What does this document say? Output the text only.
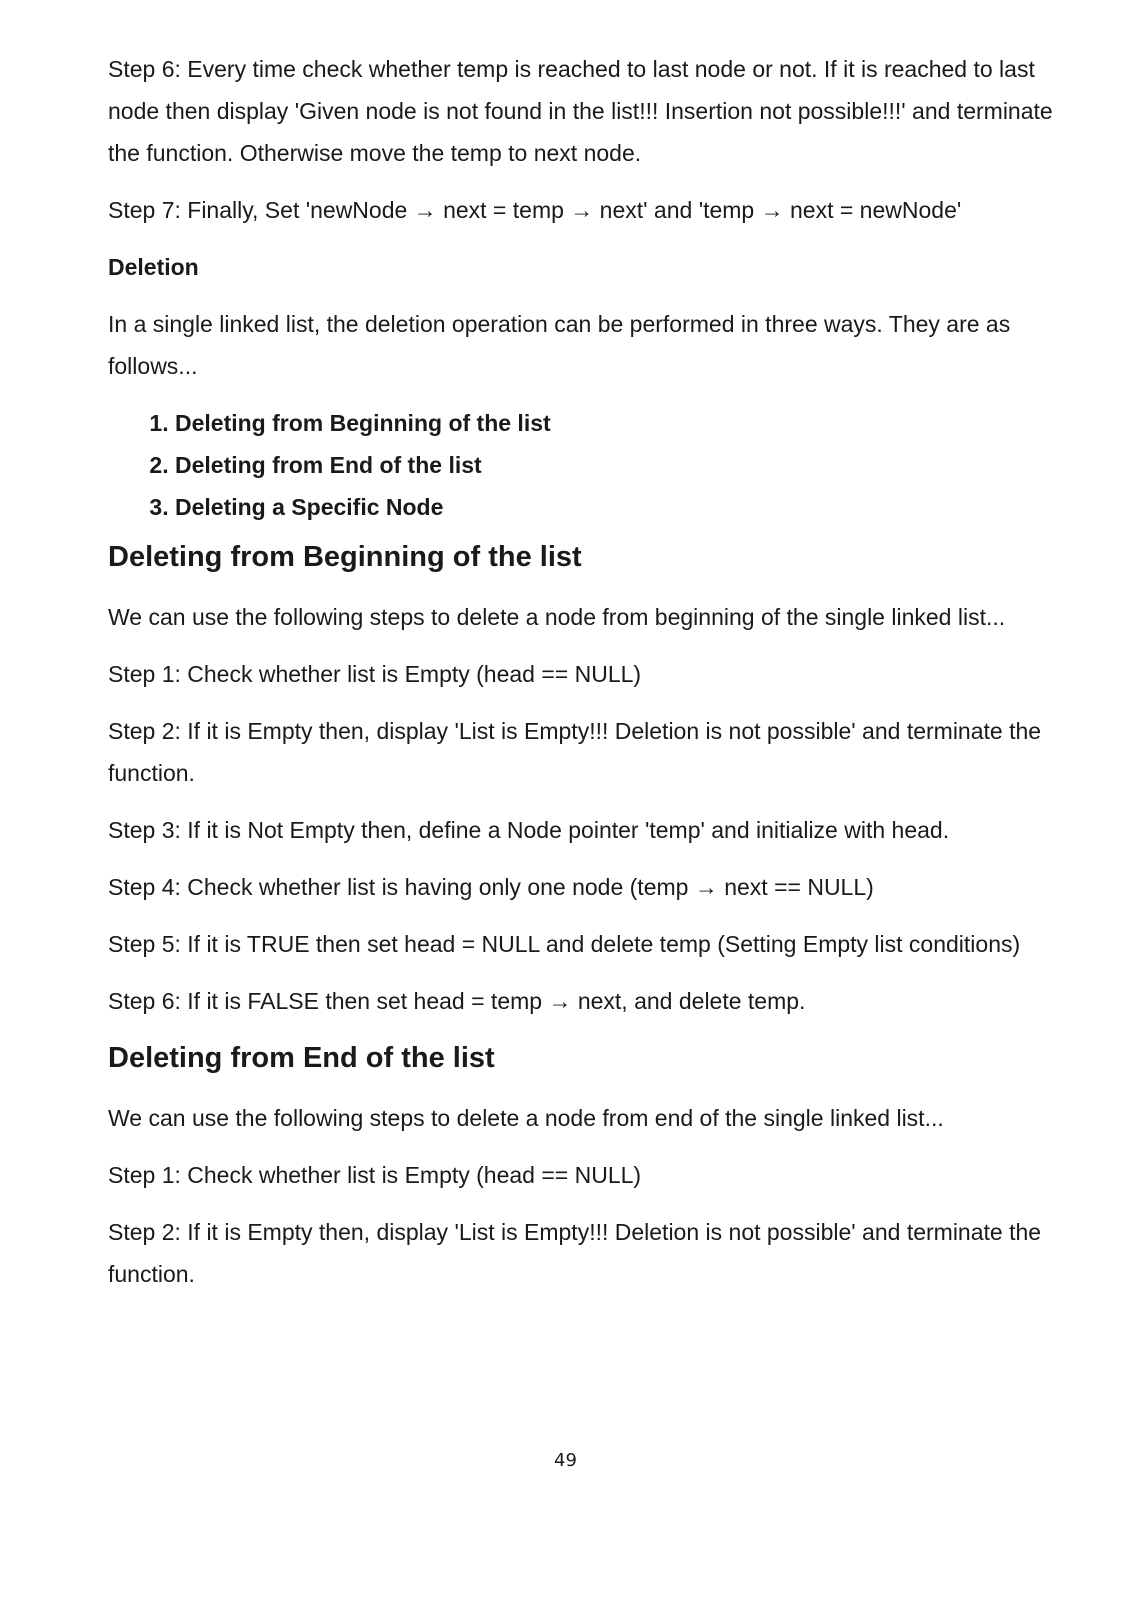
Step 6: Every time check whether temp is reached to last node or not. If it is reached to last node then display 'Given node is not found in the list!!! Insertion not possible!!!' and terminate the function. Otherwise move the temp to next node.

Step 7: Finally, Set 'newNode → next = temp → next' and 'temp → next = newNode'

Deletion

In a single linked list, the deletion operation can be performed in three ways. They are as follows...

1. Deleting from Beginning of the list
2. Deleting from End of the list
3. Deleting a Specific Node
Deleting from Beginning of the list

We can use the following steps to delete a node from beginning of the single linked list...

Step 1: Check whether list is Empty (head == NULL)

Step 2: If it is Empty then, display 'List is Empty!!! Deletion is not possible' and terminate the function.

Step 3: If it is Not Empty then, define a Node pointer 'temp' and initialize with head.

Step 4: Check whether list is having only one node (temp → next == NULL)

Step 5: If it is TRUE then set head = NULL and delete temp (Setting Empty list conditions)

Step 6: If it is FALSE then set head = temp → next, and delete temp.

Deleting from End of the list

We can use the following steps to delete a node from end of the single linked list...

Step 1: Check whether list is Empty (head == NULL)

Step 2: If it is Empty then, display 'List is Empty!!! Deletion is not possible' and terminate the function.

49
